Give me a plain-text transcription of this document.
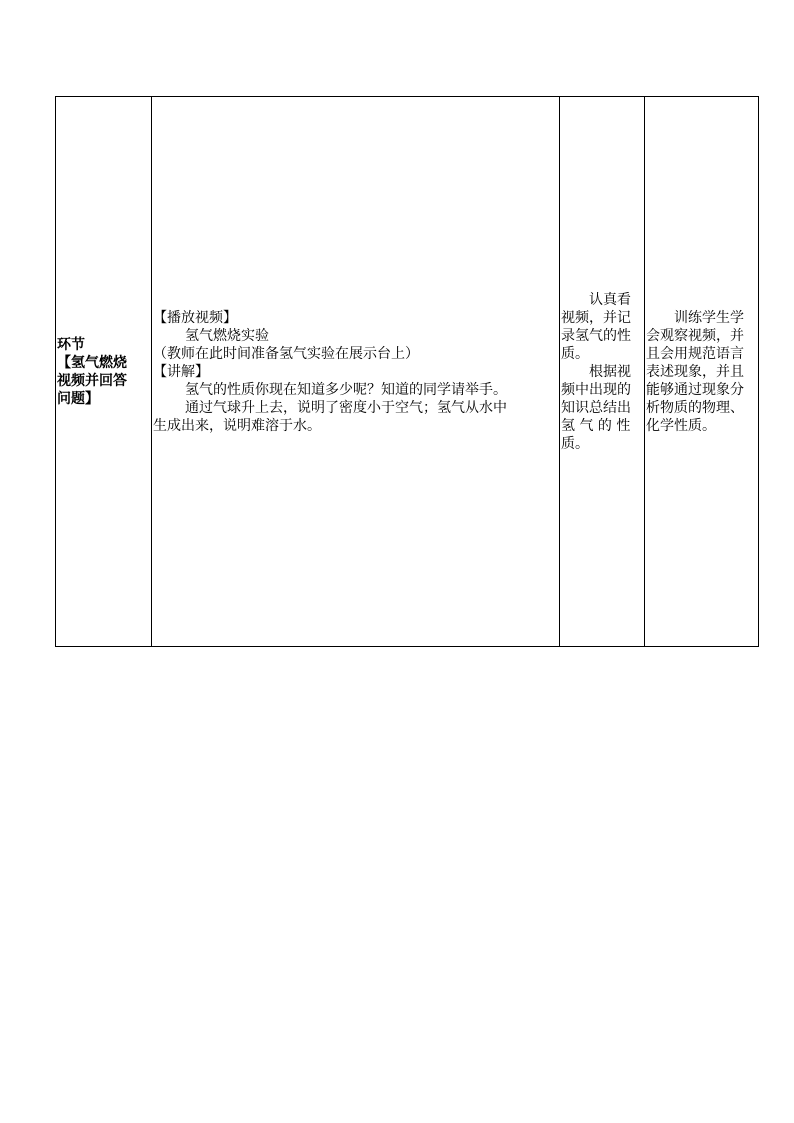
环节
【氢气燃烧
视频并回答
问题】

【播放视频】
氢气燃烧实验
（教师在此时间准备氢气实验在展示台上）
【讲解】
氢气的性质你现在知道多少呢？知道的同学请举手。
通过气球升上去，说明了密度小于空气；氢气从水中
生成出来，说明难溶于水。

认真看
视频，并记
录氢气的性
质。
根据视
频中出现的
知识总结出
氢 气 的 性
质。

训练学生学
会观察视频，并
且会用规范语言
表述现象，并且
能够通过现象分
析物质的物理、
化学性质。
